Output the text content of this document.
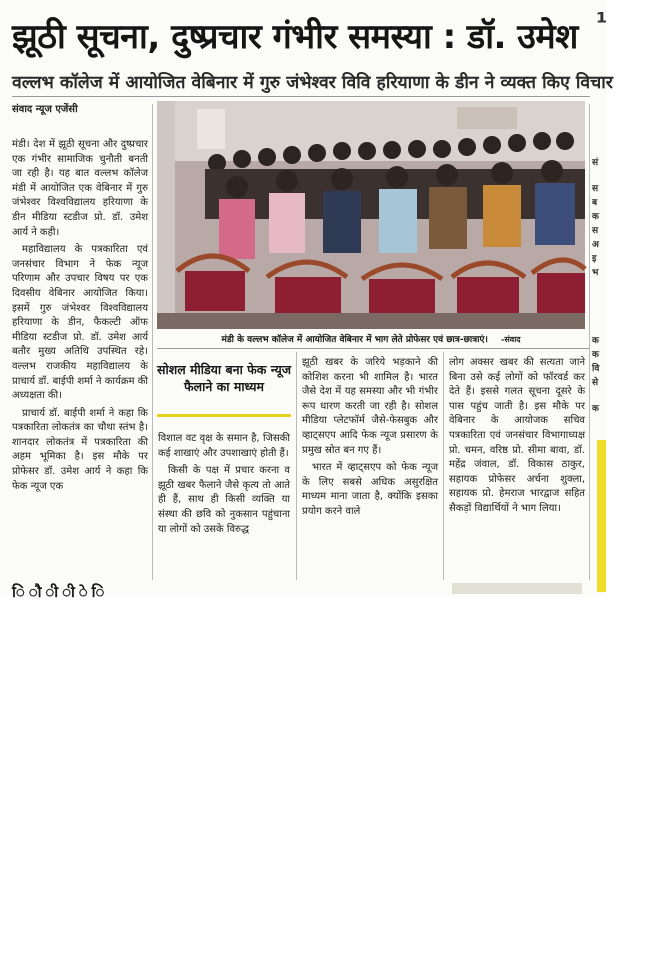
झूठी सूचना, दुष्प्रचार गंभीर समस्या : डॉ. उमेश
वल्लभ कॉलेज में आयोजित वेबिनार में गुरु जंभेश्वर विवि हरियाणा के डीन ने व्यक्त किए विचार
संवाद न्यूज एजेंसी

मंडी। देश में झूठी सूचना और दुष्प्रचार एक गंभीर सामाजिक चुनौती बनती जा रही है। यह बात वल्लभ कॉलेज मंडी में आयोजित एक वेबिनार में गुरु जंभेश्वर विश्वविद्यालय हरियाणा के डीन मीडिया स्टडीज प्रो. डॉ. उमेश आर्य ने कही।

महाविद्यालय के पत्रकारिता एवं जनसंचार विभाग ने फेक न्यूज परिणाम और उपचार विषय पर एक दिवसीय वेबिनार आयोजित किया। इसमें गुरु जंभेश्वर विश्वविद्यालय हरियाणा के डीन, फैकल्टी ऑफ मीडिया स्टडीज प्रो. डॉ. उमेश आर्य बतौर मुख्य अतिथि उपस्थित रहे। वल्लभ राजकीय महाविद्यालय के प्राचार्य डॉ. बाईपी शर्मा ने कार्यक्रम की अध्यक्षता की।

प्राचार्य डॉ. बाईपी शर्मा ने कहा कि पत्रकारिता लोकतंत्र का चौथा स्तंभ है। शानदार लोकतंत्र में पत्रकारिता की अहम भूमिका है। इस मौके पर प्रोफेसर डॉ. उमेश आर्य ने कहा कि फेक न्यूज एक

मंडी के वल्लभ कॉलेज में आयोजित वेबिनार में भाग लेते प्रोफेसर एवं छात्र-छात्राएं। -संवाद
सोशल मीडिया बना फेक न्यूज फैलाने का माध्यम

विशाल वट वृक्ष के समान है, जिसकी कई शाखाएं और उपशाखाएं होती हैं।

किसी के पक्ष में प्रचार करना व झूठी खबर फैलाने जैसे कृत्य तो आते ही हैं, साथ ही किसी व्यक्ति या संस्था की छवि को नुकसान पहुंचाना या लोगों को उसके विरुद्ध

झूठी खबर के जरिये भड़काने की कोशिश करना भी शामिल है। भारत जैसे देश में यह समस्या और भी गंभीर रूप धारण करती जा रही है। सोशल मीडिया प्लेटफॉर्म जैसे-फेसबुक और व्हाट्सएप आदि फेक न्यूज प्रसारण के प्रमुख स्रोत बन गए हैं।

भारत में व्हाट्सएप को फेक न्यूज के लिए सबसे अधिक असुरक्षित माध्यम माना जाता है, क्योंकि इसका प्रयोग करने वाले

लोग अक्सर खबर की सत्यता जाने बिना उसे कई लोगों को फॉरवर्ड कर देते हैं। इससे गलत सूचना दूसरे के पास पहुंच जाती है। इस मौके पर वेबिनार के आयोजक सचिव पत्रकारिता एवं जनसंचार विभागाध्यक्ष प्रो. चमन, वरिष्ठ प्रो. सीमा बावा, डॉ. महेंद्र जंवाल, डॉ. विकास ठाकुर, सहायक प्रोफेसर अर्चना शुक्ला, सहायक प्रो. हेमराज भारद्वाज सहित सैकड़ों विद्यार्थियों ने भाग लिया।

सं
स
ब
क
स
अ
इ
भ
क
क
वि
से
क
¹
ि ौ ी ी े ि
